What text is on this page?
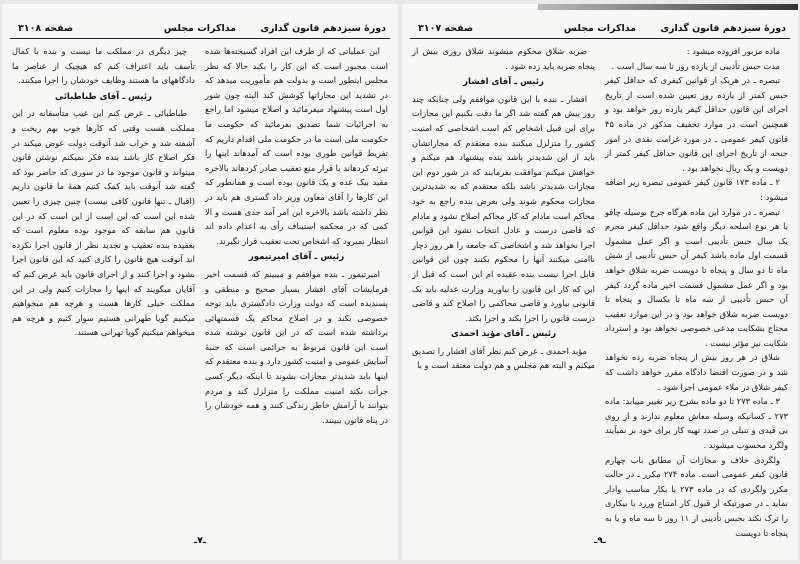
دورهٔ سیزدهم قانون گذاری
مذاکرات مجلس
صفحه ۳۱۰۸

این عملیاتی که از طرف این افراد گسیخته‌ها شده است مجبور است که این کار را بکند حالا که نظر مجلس اینطور است و بدولت هم مأموریت میدهد که در تشدید این مجازاتها کوشش کند البته چون شور اول است پیشنهاد میفرمائید و اصلاح میشود اما راجع به اجرائیات شما تصدیق بفرمائید که حکومت ما حکومت ملی است ما در حکومت ملی اقدام داریم که تفریط قوانین طوری بوده است که آمدهاند اینها را تبرئه کردهاند یا قرار منع تعقیب صادر کردهاند بالاخره مقید بیک عده و یک قانون بوده است و همانطور که این کارها را آقای معاون وزیر داد گستری هم باید در نظر داشته باشد بالاخره این امر آمد جدی هست و الا کمی که در محکمه استیناف رأی به اعدام داده اند انتظار نمیرود که اشخاص تحت تعقیب قرار نگیرند.

رئیس ـ آقای امیرتیمور

امیرتیمور ـ بنده موافقم و میبینم که قسمت اخیر فرمایشات آقای افشار بسیار صحیح و منطقی و پسندیده است که دولت وزارت دادگستری باید توجه خصوصی بکند و در اصلاح محاکم یک قسمتهائی برداشته شده است که در این قانون نوشته شده است این قانون مربوط به جرائمی است که جنبهٔ آسایش عمومی و امنیت کشور دارد و بنده معتقدم که اینها باید شدیدتر مجازات بشوند تا اینکه دیگر کسی جرأت نکند امنیت مملکت را متزلزل کند و مردم بتوانند با آرامش خاطر زندگی کنند و همه خودشان را در پناه قانون ببینند.

چیز دیگری در مملکت ما نیست و بنده با کمال تأسف باید اعتراف کنم که هیچیک از عناصر ما دادگاههای ما هستند وظایف خودشان را اجرا میکنند.

رئیس ـ آقای طباطبائی

طباطبائی ـ عرض کنم این عیب متأسفانه در این مملکت هست وقتی که کارها خوب بهم ریخت و آشفته شد و خراب شد آنوقت دولت عوض میکند در فکر اصلاح کار باشد بنده فکر نمیکنم نوشتن قانون میتواند و قانون موجود ما در سوری که حاضر بود که گفته شد آنوقت باید کمک کنیم همهٔ ما قانون داریم (اقبال ـ تنها قانون کافی نیست) چنین چیزی را تعیین شده این است که این است از این است که در این قانون هم سابقه که موجود بوده معلوم است که بعقیده بنده تعقیب و تجدید نظر از قانون اجرا نکرده اند آنوقت هیچ قانون را کاری کنید که این قانون اجرا بشود و اجرا کنند و از اجرای قانون باید عرض کنم که آقایان میگویند که اینها را مجازات کنیم ولی در این مملکت خیلی کارها هست و هرچه هم میخواهیم میکنیم گویا طهرانی هستیم سوار کنیم و هرچه هم میخواهم میکنیم گویا تهرانی هستند.

ـ۷ـ
دورهٔ سیزدهم قانون گذاری
مذاکرات مجلس
صفحه ۳۱۰۷

ماده مزبور افزوده میشود :

مدت حبس تأدیبی از یازده روز تا سه سال است .

تبصره ـ در هریک از قوانین کیفری که حداقل کیفر حبس کمتر از یازده روز تعیین شده است از تاریخ اجرای این قانون حداقل کیفر یازده روز خواهد بود و همچنین است در موارد تخفیف مذکور در ماده ۴۵ قانون کیفر عمومی ـ در مورد غرامت نقدی در امور جنحه از تاریخ اجرای این قانون حداقل کیفر کمتر از دویست و یک ریال نخواهد بود .

۲ ـ ماده ۱۷۳ قانون کیفر عمومی تبصره زیر اضافه میشود :

تبصره ـ در موارد این ماده هرگاه جرح بوسیله چاقو یا هر نوع اسلحه دیگر واقع شود حداقل کیفر مجرم یک سال حبس تأدیبی است و اگر عمل مشمول قسمت اول ماده باشد کیفر آن حبس تأدیبی از شش ماه تا دو سال و پنجاه تا دویست ضربه شلاق خواهد بود و اگر عمل مشمول قسمت اخیر ماده گردد کیفر آن حبس تأدیبی از سه ماه تا یکسال و پنجاه تا دویست ضربه شلاق خواهد بود و در این موارد تعقیب محتاج بشکایت مدعی خصوصی نخواهد بود و استرداد شکایت نیز مؤثر نیست .

شلاق در هر روز بیش از پنجاه ضربه زده نخواهد شد و در صورت اقتضا دادگاه مقرر خواهد داشت که کیفر شلاق در ملاء عمومی اجرا شود .

۳ ـ ماده ۲۷۳ تا دو ماده بشرح زیر تغییر مییابد: ماده ۲۷۳ ـ کسانیکه وسیله معاش معلوم ندارند و از روی بی قیدی و تنبلی در صدد تهیه کار برای خود بر نمیآیند ولگرد محسوب میشوند .

ولگردی خلاف و مجازات آن مطابق باب چهارم قانون کیفر عمومی است. ماده ۲۷۴ مکرر ـ در حالت مکرر ولگردی که در ماده ۲۷۳ یا بکار مناسب وادار نماید ـ در صورتیکه از قبول کار امتناع ورزد یا بیکاری را ترک نکند بحبس تأدیبی از ۱۱ روز تا سه ماه و یا به پنجاه تا دویست

ضربه شلاق محکوم میشوند شلاق روزی بیش از پنجاه ضربه باید زده شود .

رئیس ـ آقای افشار

افشار ـ بنده با این قانون موافقم ولی چنانکه چند روز پیش هم گفته شد اگر ما دقت بکنیم این مجازات برای این قبیل اشخاص کم است اشخاصی که امنیت کشور را متزلزل میکنند بنده معتقدم که مجازاتشان باید از این شدیدتر باشد بنده پیشنهاد هم میکنم و خواهش میکنم موافقت بفرمایند که در شور دوم این مجازات شدیدتر باشد بلکه معتقدم که به شدیدترین مجازات محکوم شوند ولی بعرض بنده راجع به خود محاکم است مادام که کار محاکم اصلاح نشود و مادام که قاضی درست و عادل انتخاب نشود این قوانین اجرا نخواهد شد و اشخاصی که جامعه را هر روز دچار ناامنی میکنند آنها را محکوم بکنند چون این قوانین قابل اجرا نیست بنده عقیده ام این است که قبل از این که کار این قانون را بیاورید وزارت عدلیه باید یک قانونی بیاورد و قاضی محاکمی را اصلاح کند و قاضی درست قانون را اجرا بکند و اجرا بکند.

رئیس ـ آقای مؤید احمدی

مؤید احمدی ـ عرض کنم نظر آقای افشار را تصدیق میکنم و البته هم مجلس و هم دولت معتقد است و با

ـ۹ـ
